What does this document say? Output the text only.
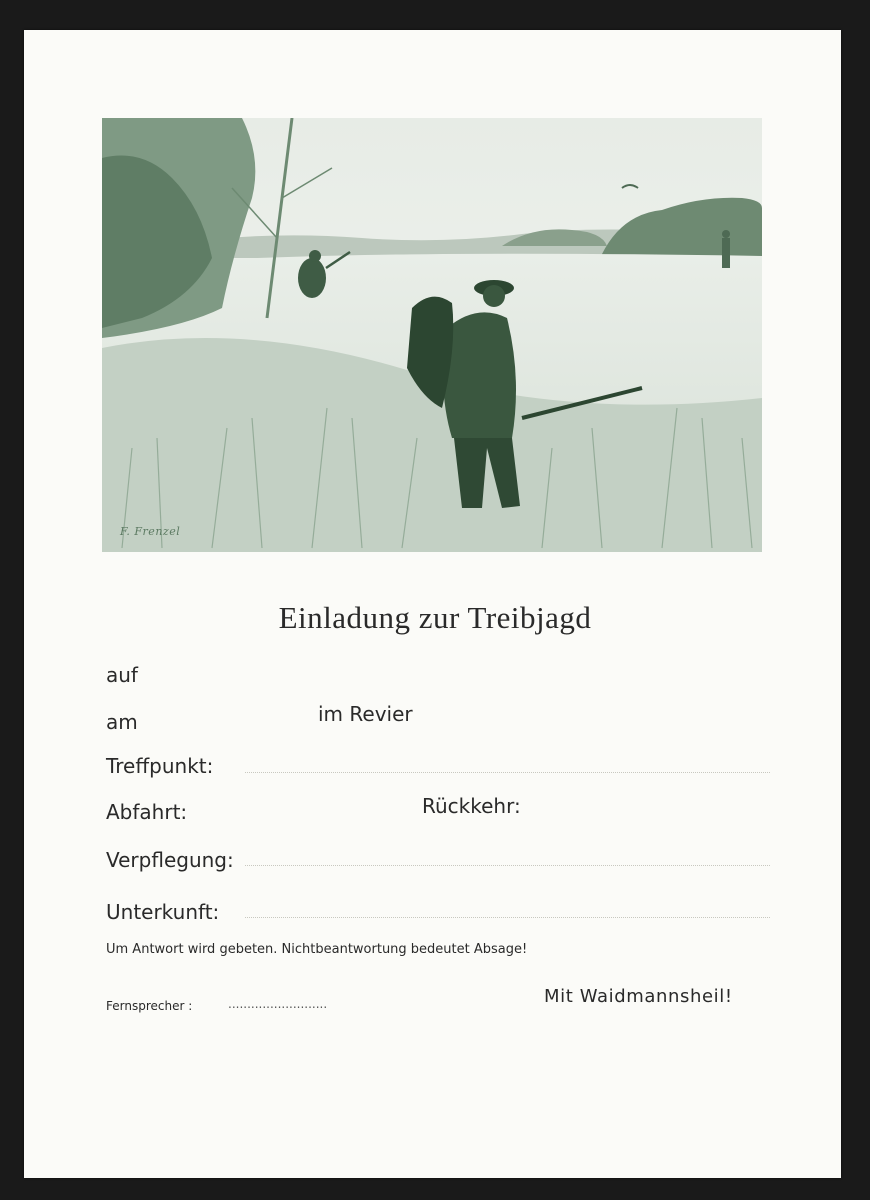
F. Frenzel
Einladung zur Treibjagd
auf
am	im Revier
Treffpunkt:
Abfahrt:	Rückkehr:
Verpflegung:
Unterkunft:
Um Antwort wird gebeten. Nichtbeantwortung bedeutet Absage!
Fernsprecher :	..........................	Mit Waidmannsheil!
